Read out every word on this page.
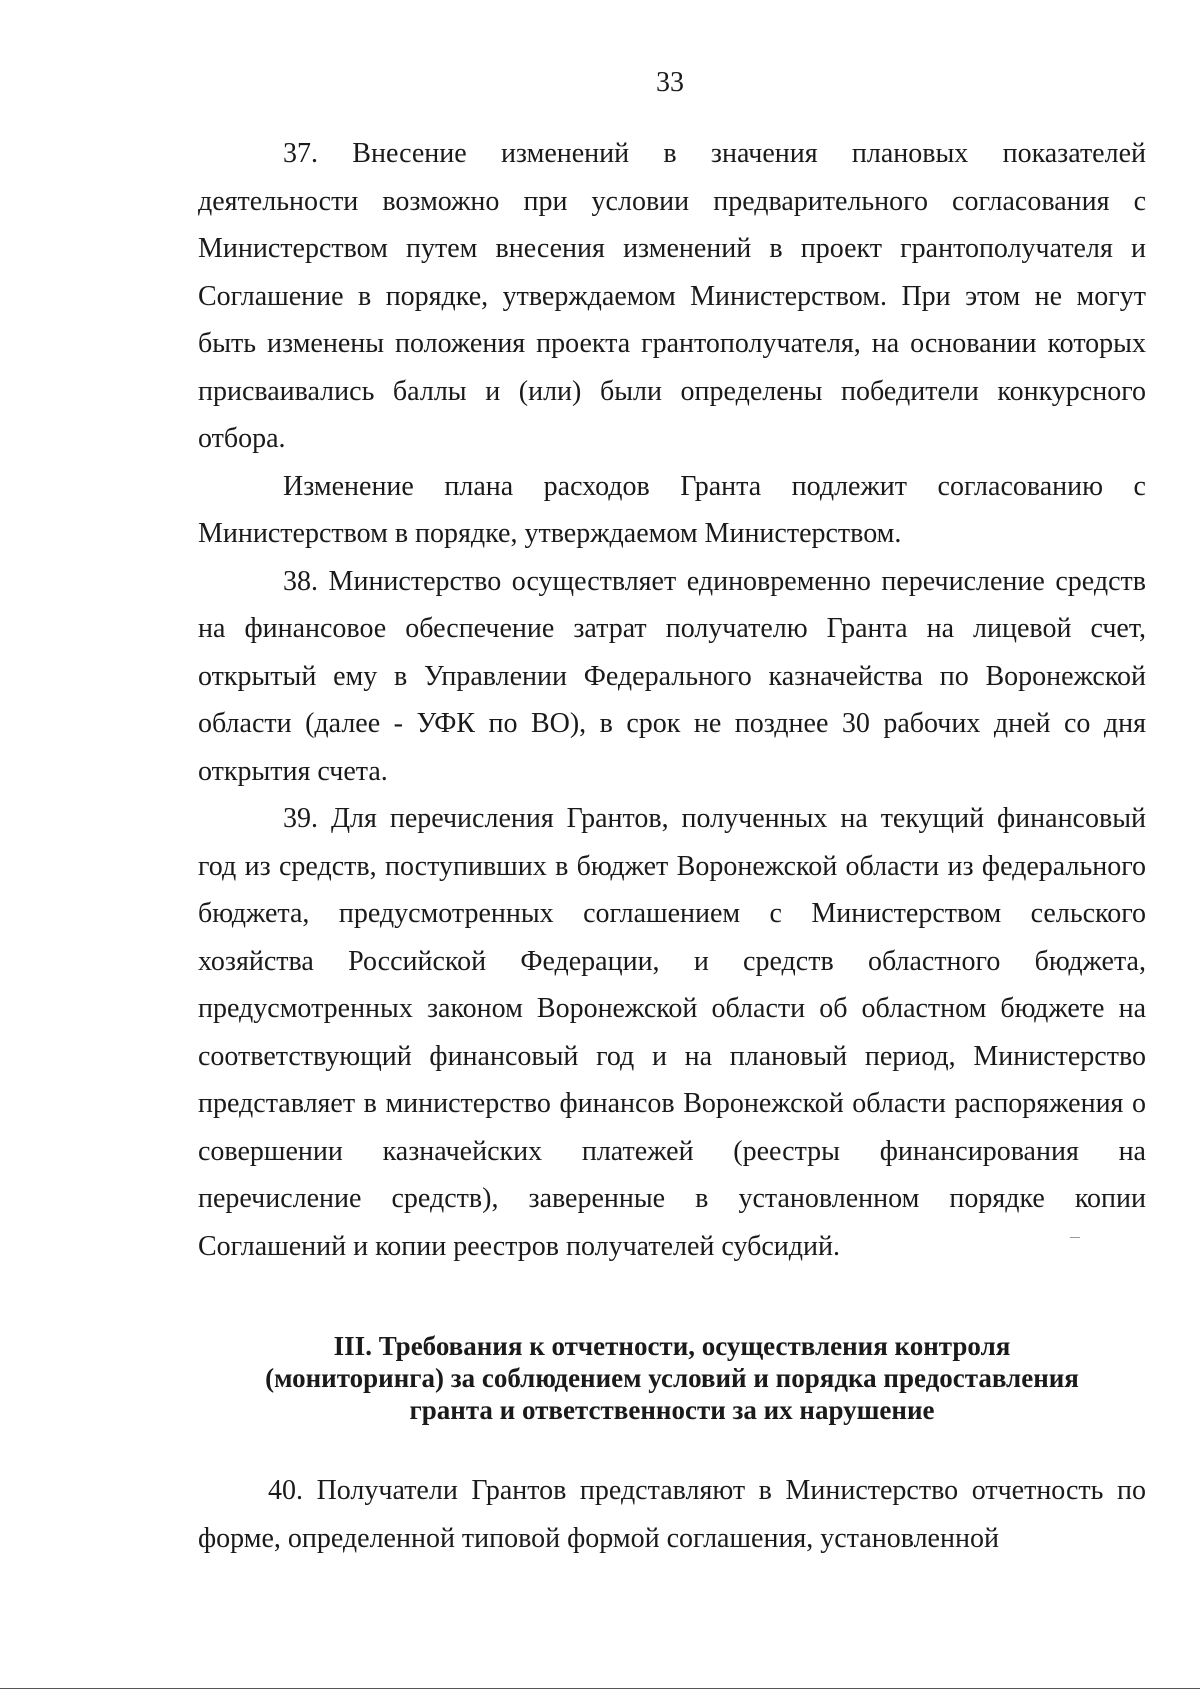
33

37. Внесение изменений в значения плановых показателей деятельности возможно при условии предварительного согласования с Министерством путем внесения изменений в проект грантополучателя и Соглашение в порядке, утверждаемом Министерством. При этом не могут быть изменены положения проекта грантополучателя, на основании которых присваивались баллы и (или) были определены победители конкурсного отбора.

Изменение плана расходов Гранта подлежит согласованию с Министерством в порядке, утверждаемом Министерством.

38. Министерство осуществляет единовременно перечисление средств на финансовое обеспечение затрат получателю Гранта на лицевой счет, открытый ему в Управлении Федерального казначейства по Воронежской области (далее - УФК по ВО), в срок не позднее 30 рабочих дней со дня открытия счета.

39. Для перечисления Грантов, полученных на текущий финансовый год из средств, поступивших в бюджет Воронежской области из федерального бюджета, предусмотренных соглашением с Министерством сельского хозяйства Российской Федерации, и средств областного бюджета, предусмотренных законом Воронежской области об областном бюджете на соответствующий финансовый год и на плановый период, Министерство представляет в министерство финансов Воронежской области распоряжения о совершении казначейских платежей (реестры финансирования на перечисление средств), заверенные в установленном порядке копии Соглашений и копии реестров получателей субсидий.

III. Требования к отчетности, осуществления контроля
(мониторинга) за соблюдением условий и порядка предоставления
гранта и ответственности за их нарушение

40. Получатели Грантов представляют в Министерство отчетность по форме, определенной типовой формой соглашения, установленной
